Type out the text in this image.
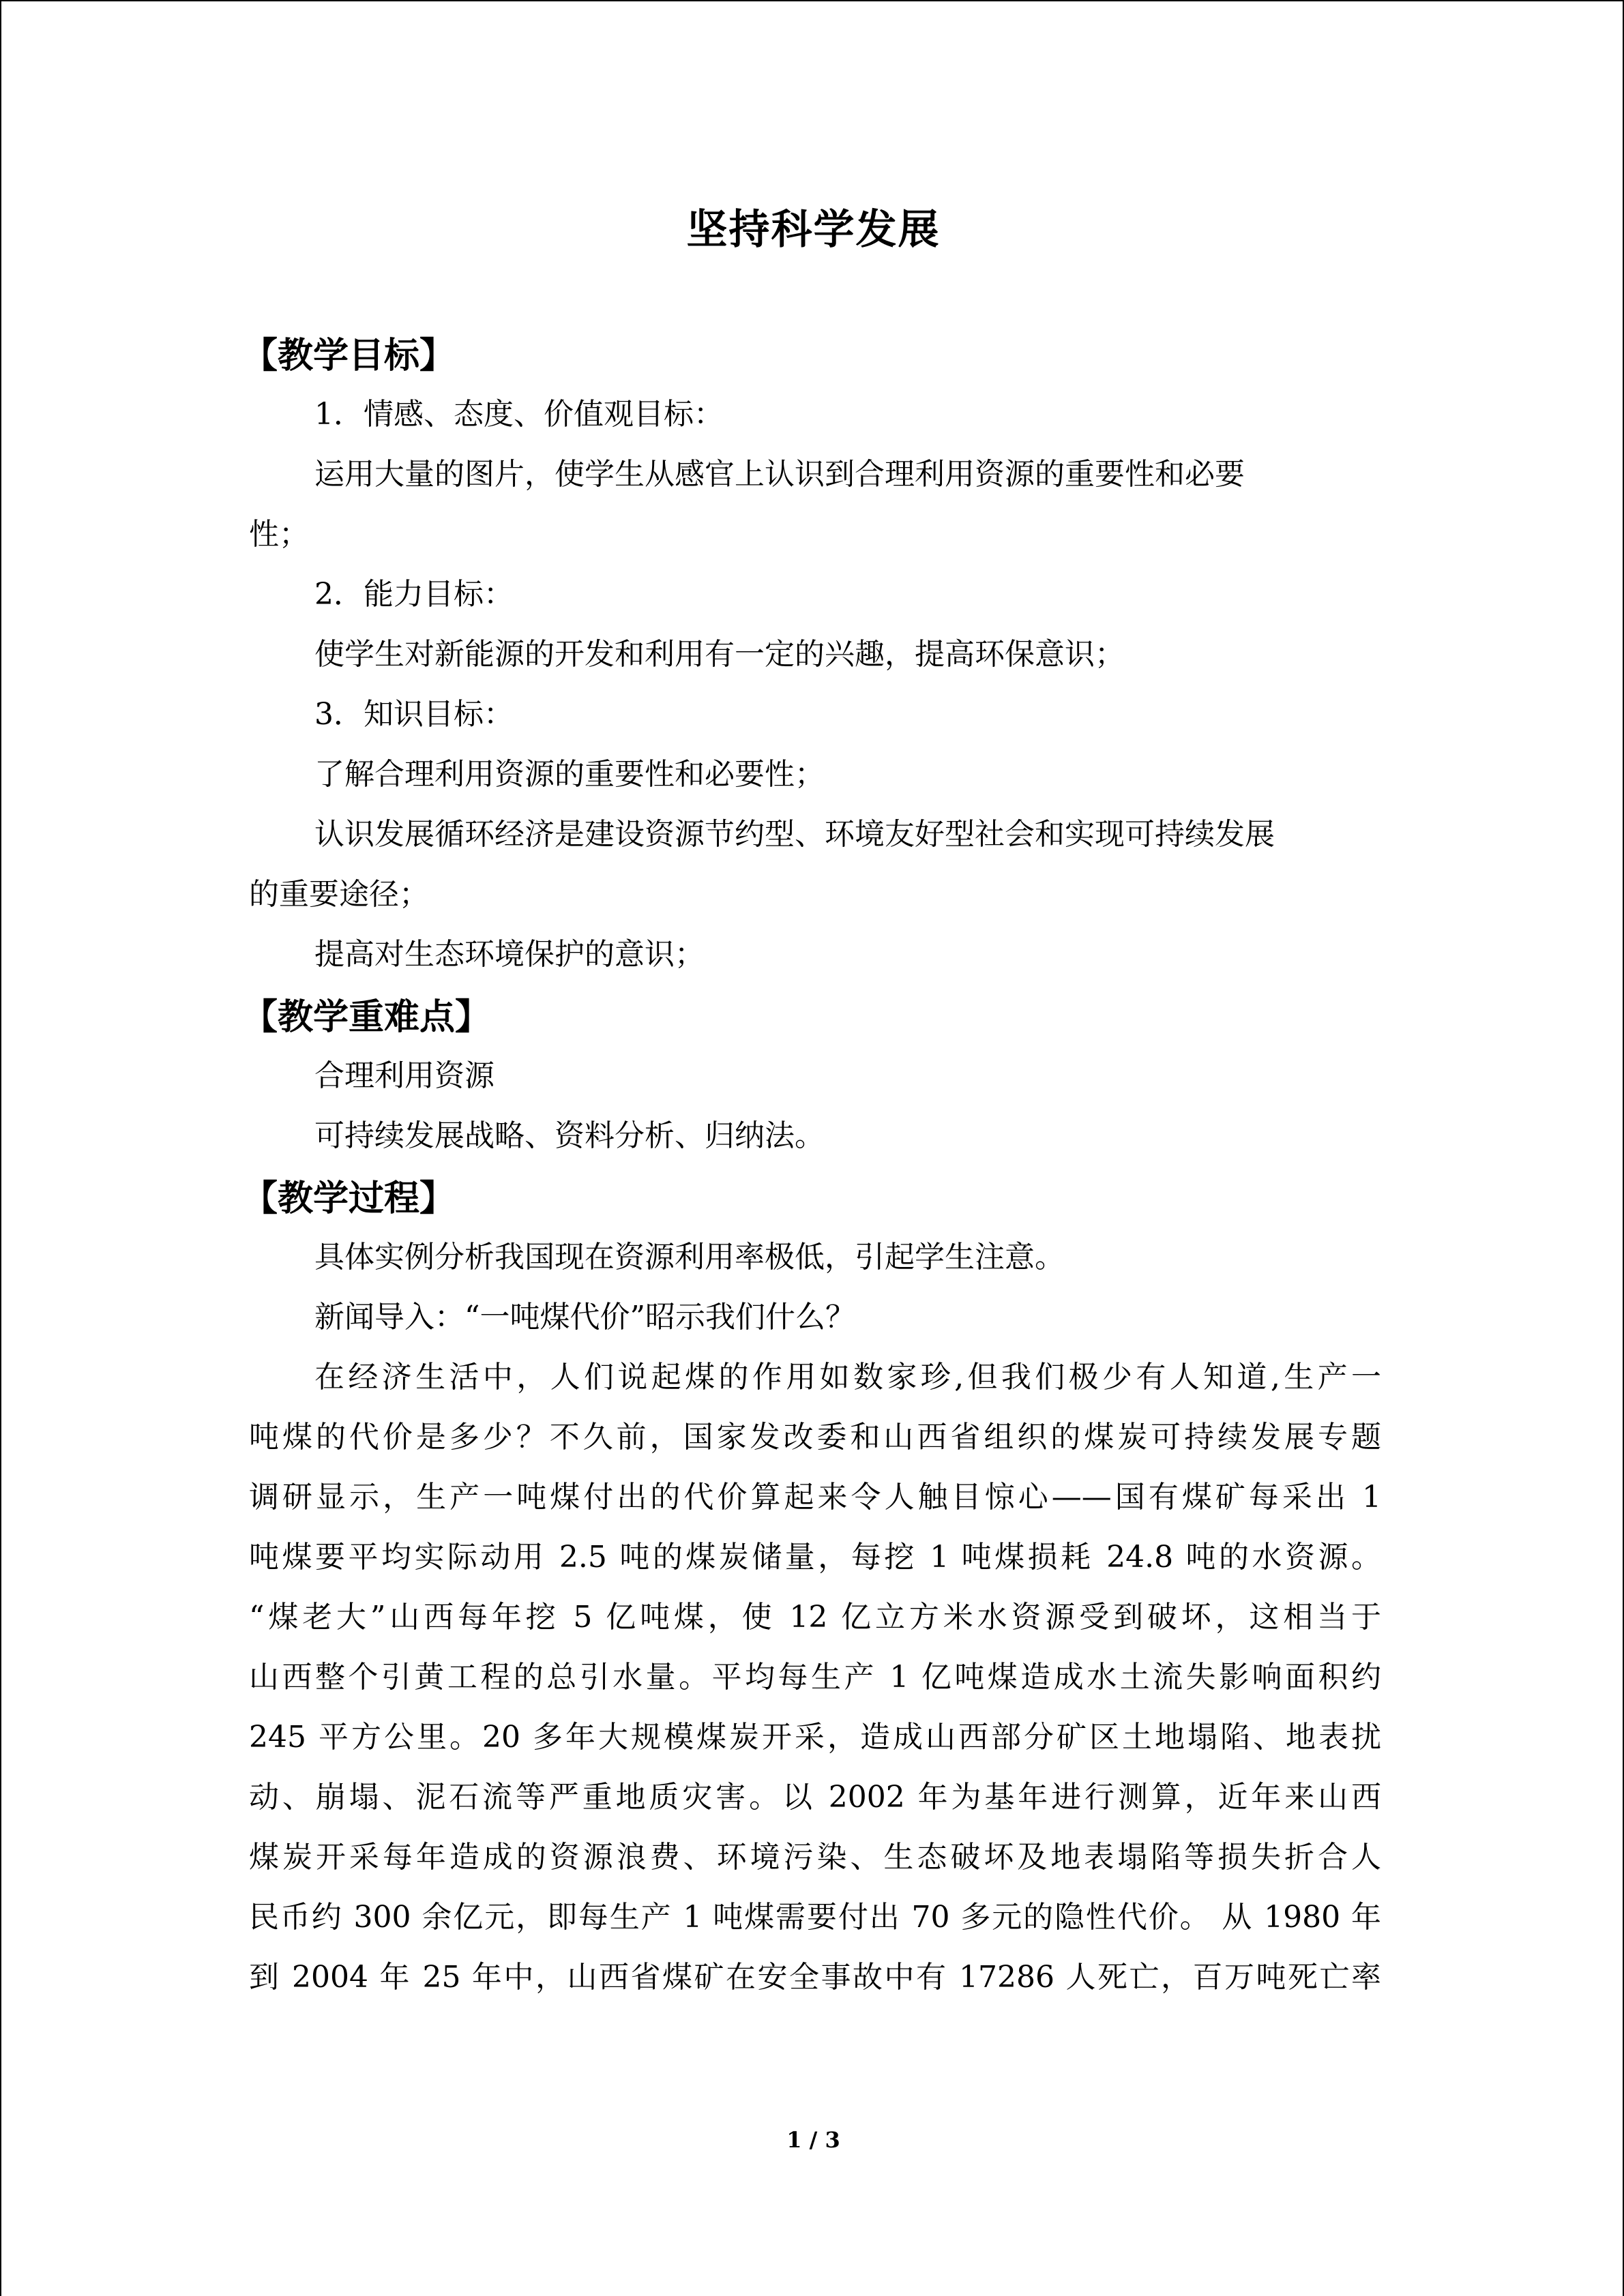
坚持科学发展
【教学目标】
1．情感、态度、价值观目标：
运用大量的图片，使学生从感官上认识到合理利用资源的重要性和必要
性；
2．能力目标：
使学生对新能源的开发和利用有一定的兴趣，提高环保意识；
3．知识目标：
了解合理利用资源的重要性和必要性；
认识发展循环经济是建设资源节约型、环境友好型社会和实现可持续发展
的重要途径；
提高对生态环境保护的意识；
【教学重难点】
合理利用资源
可持续发展战略、资料分析、归纳法。
【教学过程】
具体实例分析我国现在资源利用率极低，引起学生注意。
新闻导入：“一吨煤代价”昭示我们什么？
在经济生活中，人们说起煤的作用如数家珍,但我们极少有人知道,生产一
吨煤的代价是多少？不久前，国家发改委和山西省组织的煤炭可持续发展专题
调研显示，生产一吨煤付出的代价算起来令人触目惊心——国有煤矿每采出 1
吨煤要平均实际动用 2.5 吨的煤炭储量，每挖 1 吨煤损耗 24.8 吨的水资源。
“煤老大”山西每年挖 5 亿吨煤，使 12 亿立方米水资源受到破坏，这相当于
山西整个引黄工程的总引水量。平均每生产 1 亿吨煤造成水土流失影响面积约
245 平方公里。20 多年大规模煤炭开采，造成山西部分矿区土地塌陷、地表扰
动、崩塌、泥石流等严重地质灾害。以 2002 年为基年进行测算，近年来山西
煤炭开采每年造成的资源浪费、环境污染、生态破坏及地表塌陷等损失折合人
民币约 300 余亿元，即每生产 1 吨煤需要付出 70 多元的隐性代价。 从 1980 年
到 2004 年 25 年中，山西省煤矿在安全事故中有 17286 人死亡，百万吨死亡率
1 / 3
